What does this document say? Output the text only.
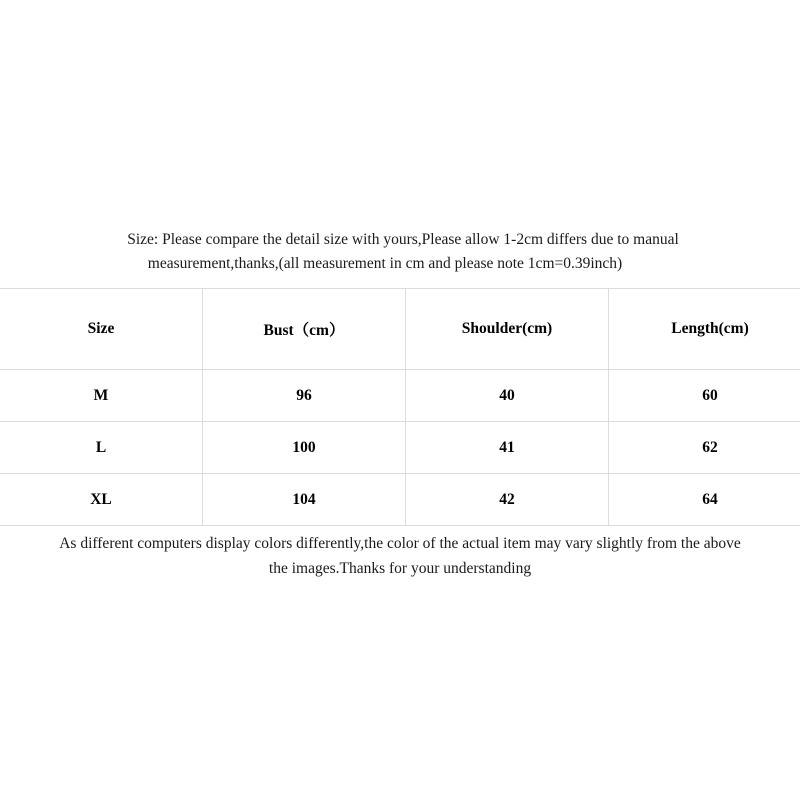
Size: Please compare the detail size with yours,Please allow 1-2cm differs due to manual
measurement,thanks,(all measurement in cm and please note 1cm=0.39inch)
Size	Bust（cm）	Shoulder(cm)	Length(cm)
M	96	40	60
L	100	41	62
XL	104	42	64
As different computers display colors differently,the color of the actual item may vary slightly from the above
the images.Thanks for your understanding
